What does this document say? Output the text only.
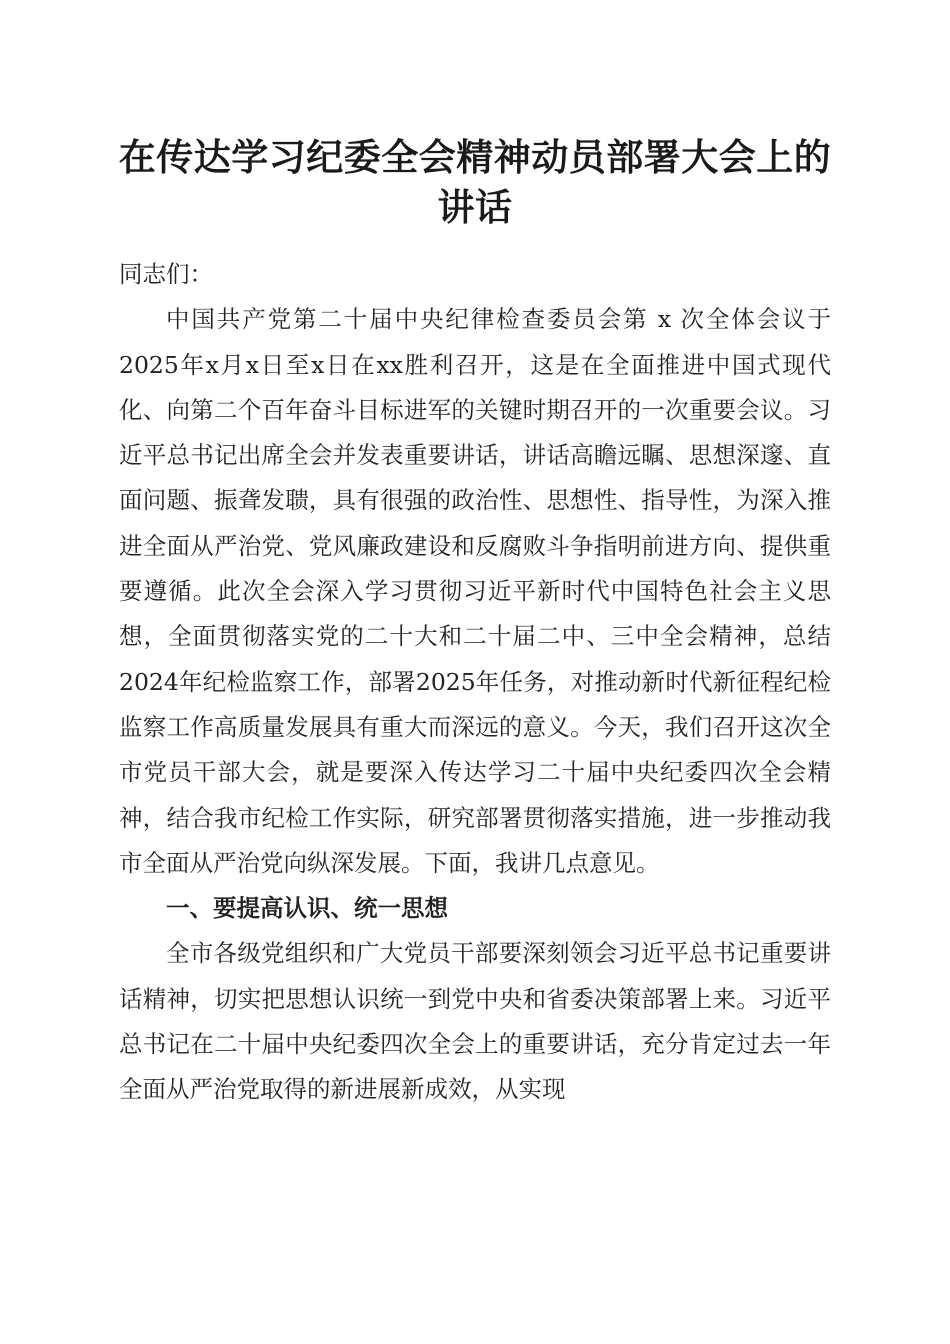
在传达学习纪委全会精神动员部署大会上的讲话

同志们：

中国共产党第二十届中央纪律检查委员会第 x 次全体会议于2025年x月x日至x日在xx胜利召开，这是在全面推进中国式现代化、向第二个百年奋斗目标进军的关键时期召开的一次重要会议。习近平总书记出席全会并发表重要讲话，讲话高瞻远瞩、思想深邃、直面问题、振聋发聩，具有很强的政治性、思想性、指导性，为深入推进全面从严治党、党风廉政建设和反腐败斗争指明前进方向、提供重要遵循。此次全会深入学习贯彻习近平新时代中国特色社会主义思想，全面贯彻落实党的二十大和二十届二中、三中全会精神，总结2024年纪检监察工作，部署2025年任务，对推动新时代新征程纪检监察工作高质量发展具有重大而深远的意义。今天，我们召开这次全市党员干部大会，就是要深入传达学习二十届中央纪委四次全会精神，结合我市纪检工作实际，研究部署贯彻落实措施，进一步推动我市全面从严治党向纵深发展。下面，我讲几点意见。

一、要提高认识、统一思想

全市各级党组织和广大党员干部要深刻领会习近平总书记重要讲话精神，切实把思想认识统一到党中央和省委决策部署上来。习近平总书记在二十届中央纪委四次全会上的重要讲话，充分肯定过去一年全面从严治党取得的新进展新成效，从实现
